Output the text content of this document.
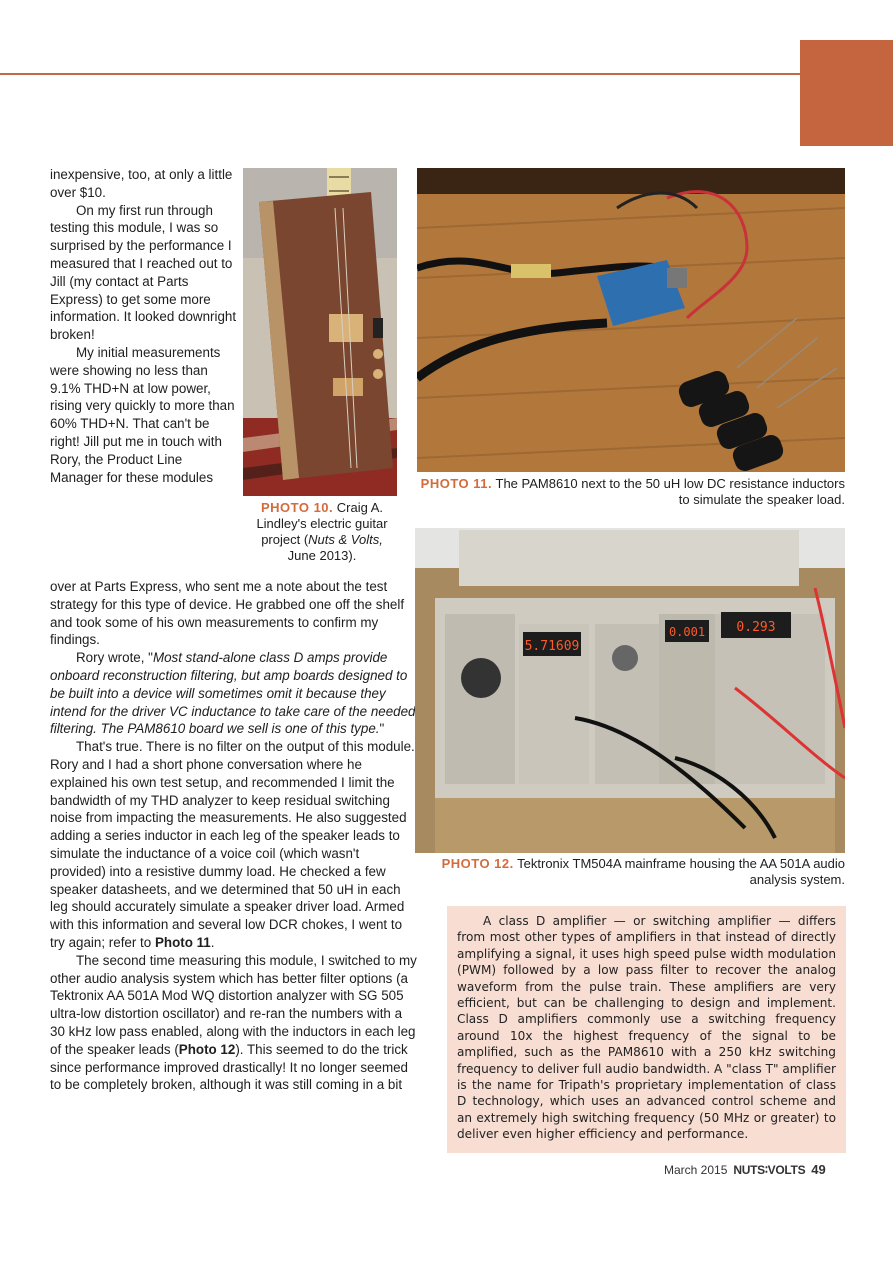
inexpensive, too, at only a little over $10.

On my first run through testing this module, I was so surprised by the performance I measured that I reached out to Jill (my contact at Parts Express) to get some more information. It looked downright broken!

My initial measurements were showing no less than 9.1% THD+N at low power, rising very quickly to more than 60% THD+N. That can't be right! Jill put me in touch with Rory, the Product Line Manager for these modules

over at Parts Express, who sent me a note about the test strategy for this type of device. He grabbed one off the shelf and took some of his own measurements to confirm my findings.

Rory wrote, "Most stand-alone class D amps provide onboard reconstruction filtering, but amp boards designed to be built into a device will sometimes omit it because they intend for the driver VC inductance to take care of the needed filtering. The PAM8610 board we sell is one of this type."

That's true. There is no filter on the output of this module. Rory and I had a short phone conversation where he explained his own test setup, and recommended I limit the bandwidth of my THD analyzer to keep residual switching noise from impacting the measurements. He also suggested adding a series inductor in each leg of the speaker leads to simulate the inductance of a voice coil (which wasn't provided) into a resistive dummy load. He checked a few speaker datasheets, and we determined that 50 uH in each leg should accurately simulate a speaker driver load. Armed with this information and several low DCR chokes, I went to try again; refer to Photo 11.

The second time measuring this module, I switched to my other audio analysis system which has better filter options (a Tektronix AA 501A Mod WQ distortion analyzer with SG 505 ultra-low distortion oscillator) and re-ran the numbers with a 30 kHz low pass enabled, along with the inductors in each leg of the speaker leads (Photo 12). This seemed to do the trick since performance improved drastically! It no longer seemed to be completely broken, although it was still coming in a bit

PHOTO 10. Craig A. Lindley's electric guitar project (Nuts & Volts, June 2013).
PHOTO 11. The PAM8610 next to the 50 uH low DC resistance inductors to simulate the speaker load.
5.71609
0.001 0.293
PHOTO 12. Tektronix TM504A mainframe housing the AA 501A audio analysis system.

A class D amplifier — or switching amplifier — differs from most other types of amplifiers in that instead of directly amplifying a signal, it uses high speed pulse width modulation (PWM) followed by a low pass filter to recover the analog waveform from the pulse train. These amplifiers are very efficient, but can be challenging to design and implement. Class D amplifiers commonly use a switching frequency around 10x the highest frequency of the signal to be amplified, such as the PAM8610 with a 250 kHz switching frequency to deliver full audio bandwidth. A "class T" amplifier is the name for Tripath's proprietary implementation of class D technology, which uses an advanced control scheme and an extremely high switching frequency (50 MHz or greater) to deliver even higher efficiency and performance.

March 2015 NUTS∶VOLTS 49
